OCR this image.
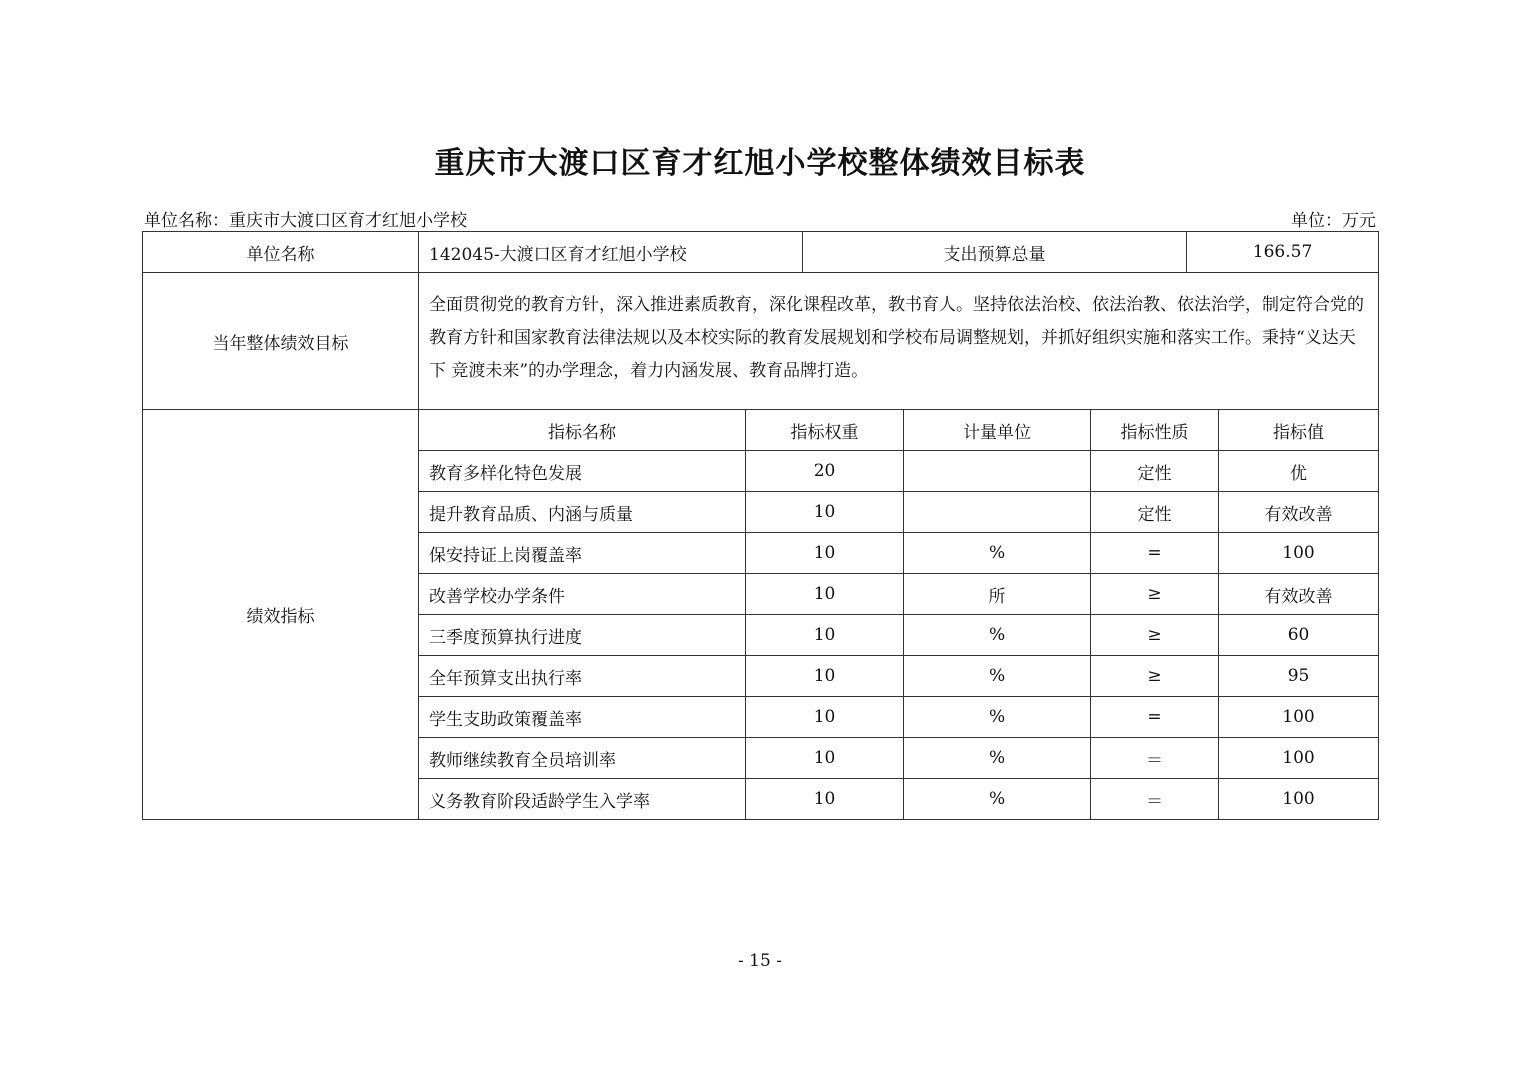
重庆市大渡口区育才红旭小学校整体绩效目标表
单位名称：重庆市大渡口区育才红旭小学校	单位：万元
单位名称	142045-大渡口区育才红旭小学校		支出预算总量			166.57	
当年整体绩效目标	全面贯彻党的教育方针，深入推进素质教育，深化课程改革，教书育人。坚持依法治校、依法治教、依法治学，制定符合党的教育方针和国家教育法律法规以及本校实际的教育发展规划和学校布局调整规划，并抓好组织实施和落实工作。秉持“义达天下 竞渡未来”的办学理念，着力内涵发展、教育品牌打造。						
绩效指标	指标名称	指标权重		计量单位	指标性质		指标值
	教育多样化特色发展	20			定性		优
	提升教育品质、内涵与质量	10			定性		有效改善
	保安持证上岗覆盖率	10		%	=		100
	改善学校办学条件	10		所	≥		有效改善
	三季度预算执行进度	10		%	≥		60
	全年预算支出执行率	10		%	≥		95
	学生支助政策覆盖率	10		%	=		100
	教师继续教育全员培训率	10		%	＝		100
	义务教育阶段适龄学生入学率	10		%	＝		100
- 15 -
